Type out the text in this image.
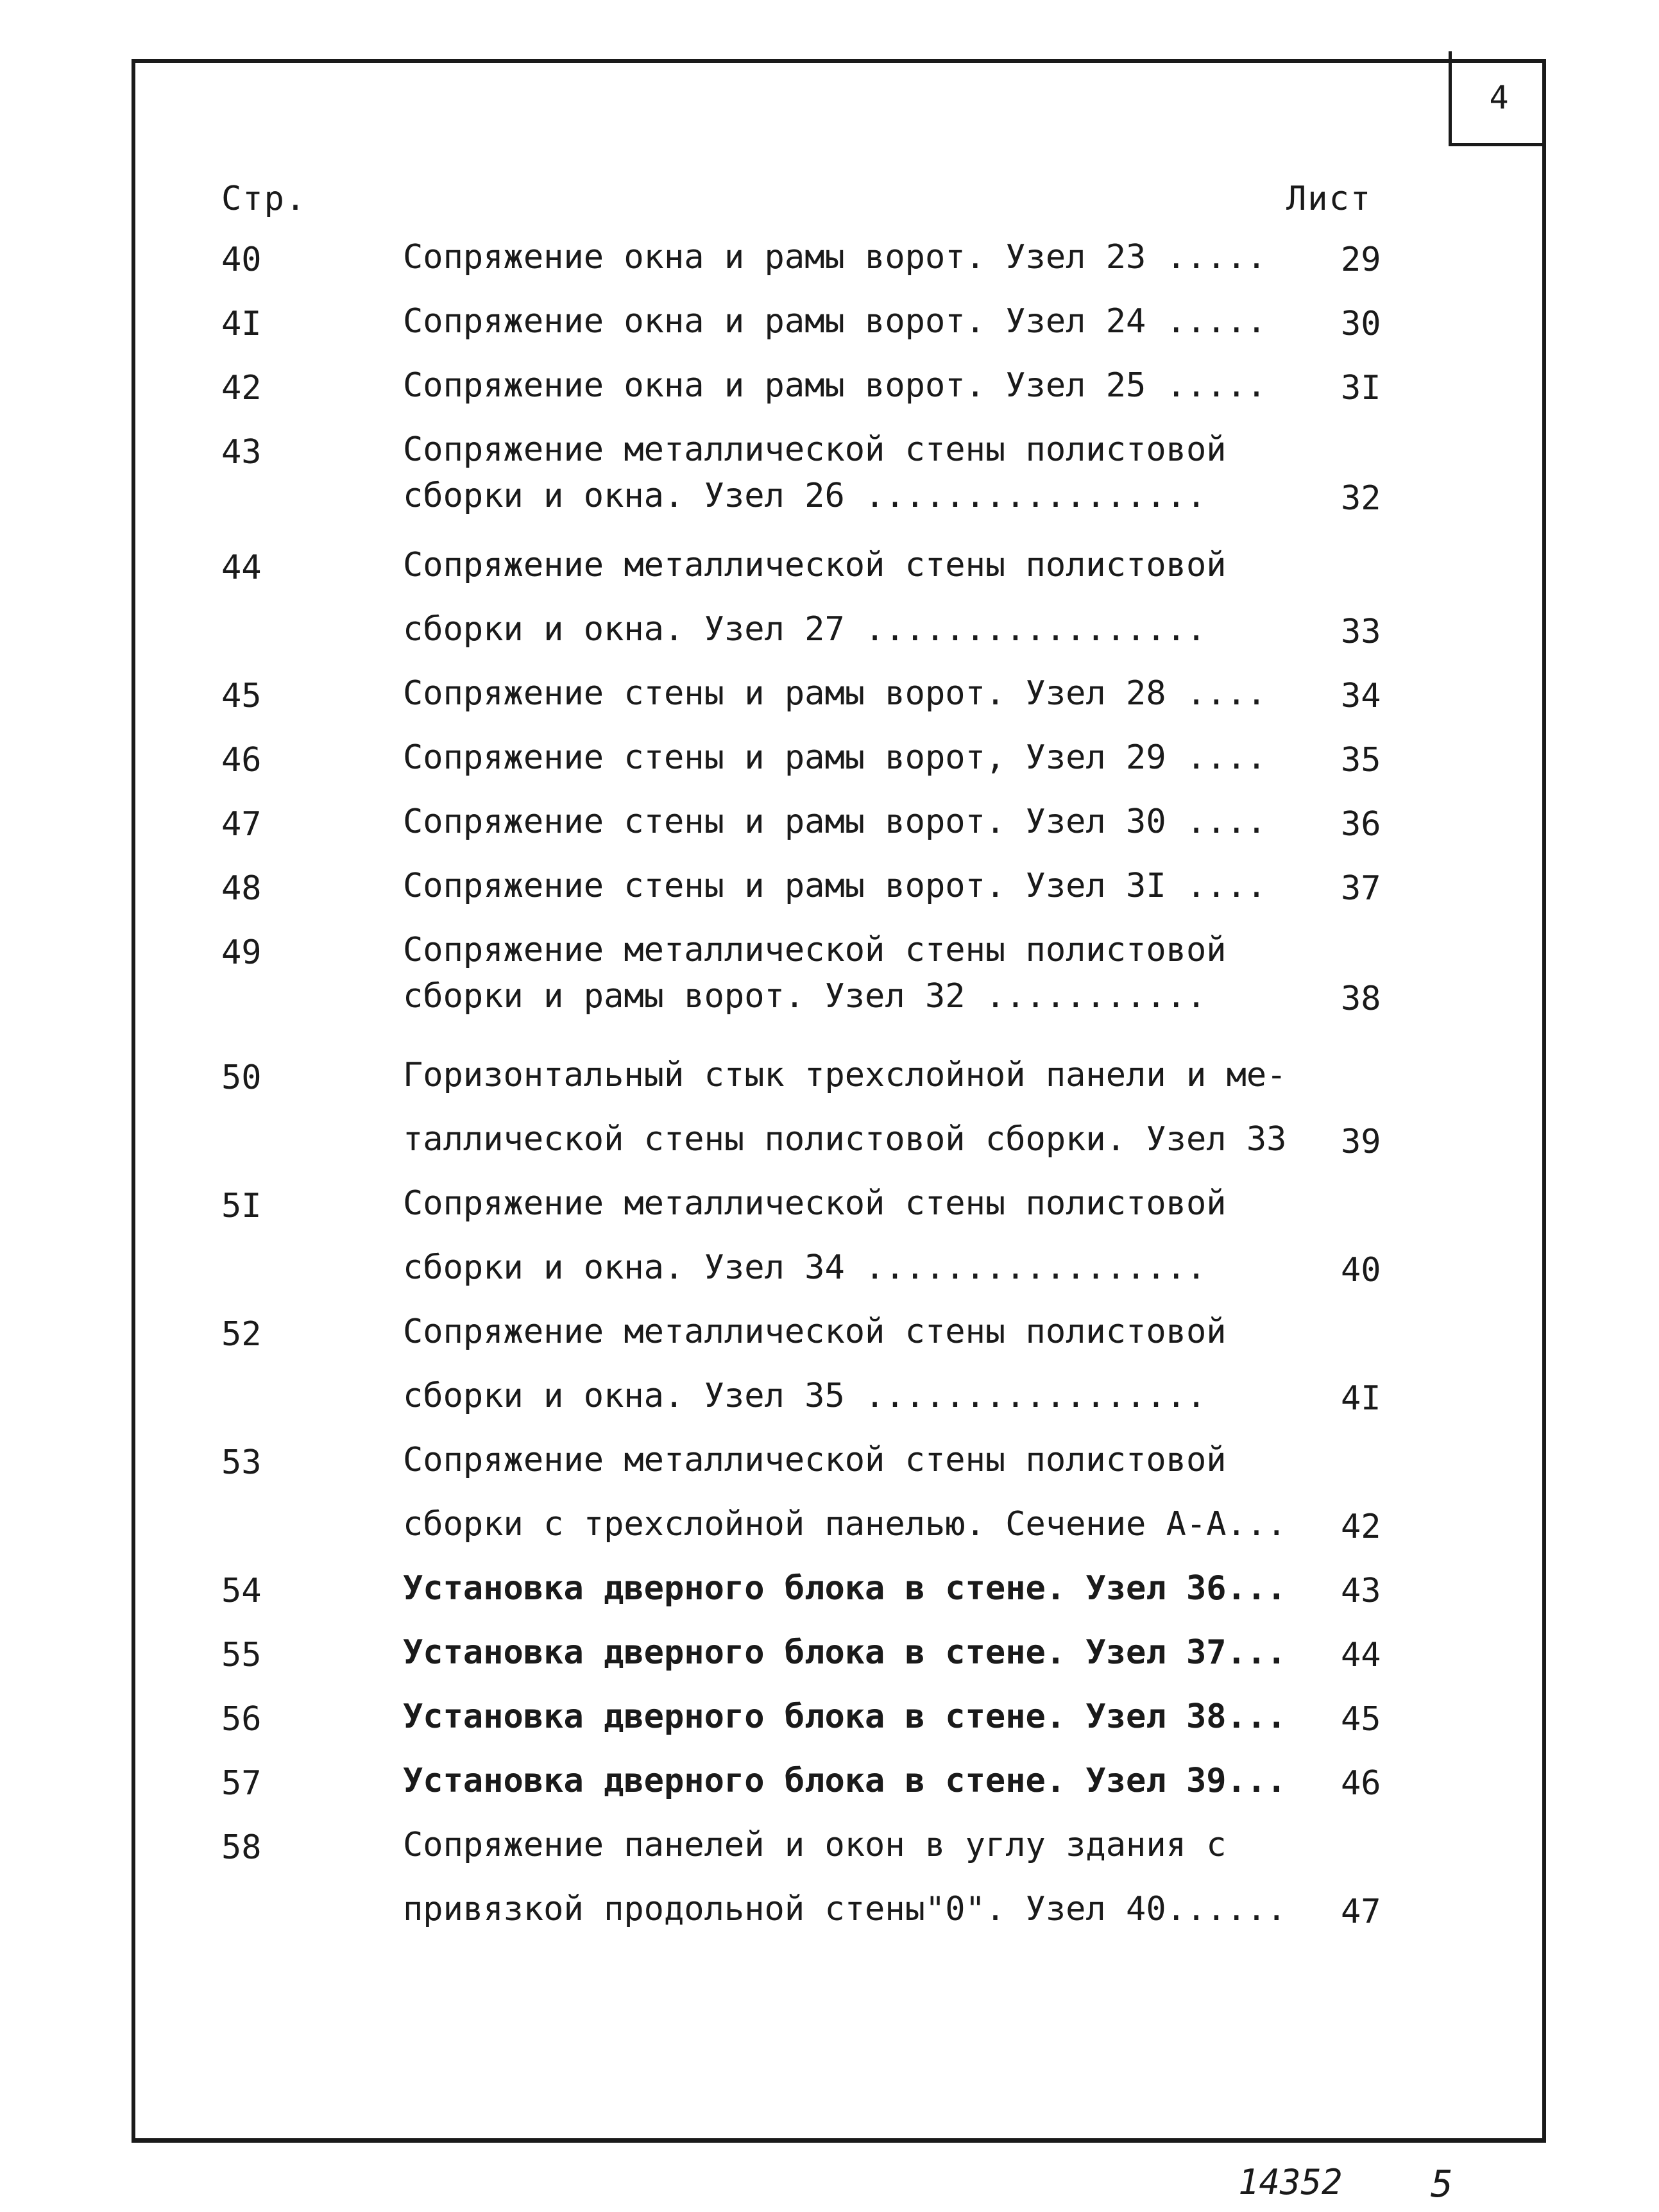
4
Стр.	Лист
40	Сопряжение окна и рамы ворот. Узел 23 .....	29
4I	Сопряжение окна и рамы ворот. Узел 24 .....	30
42	Сопряжение окна и рамы ворот. Узел 25 .....	3I
43	Сопряжение металлической стены полистовой
сборки и окна. Узел 26 .................	32
44	Сопряжение металлической стены полистовой
сборки и окна. Узел 27 .................	33
45	Сопряжение стены и рамы ворот. Узел 28 ....	34
46	Сопряжение стены и рамы ворот, Узел 29 ....	35
47	Сопряжение стены и рамы ворот. Узел 30 ....	36
48	Сопряжение стены и рамы ворот. Узел 3I ....	37
49	Сопряжение металлической стены полистовой
сборки и рамы ворот. Узел 32 ...........	38
50	Горизонтальный стык трехслойной панели и ме-
таллической стены полистовой сборки. Узел 33 39
5I	Сопряжение металлической стены полистовой
сборки и окна. Узел 34 .................	40
52	Сопряжение металлической стены полистовой
сборки и окна. Узел 35 .................	4I
53	Сопряжение металлической стены полистовой
сборки с трехслойной панелью. Сечение А-А... 42
54	Установка дверного блока в стене. Узел 36... 43
55	Установка дверного блока в стене. Узел 37... 44
56	Установка дверного блока в стене. Узел 38... 45
57	Установка дверного блока в стене. Узел 39... 46
58	Сопряжение панелей и окон в углу здания с
привязкой продольной стены"0". Узел 40...... 47
14352 5
